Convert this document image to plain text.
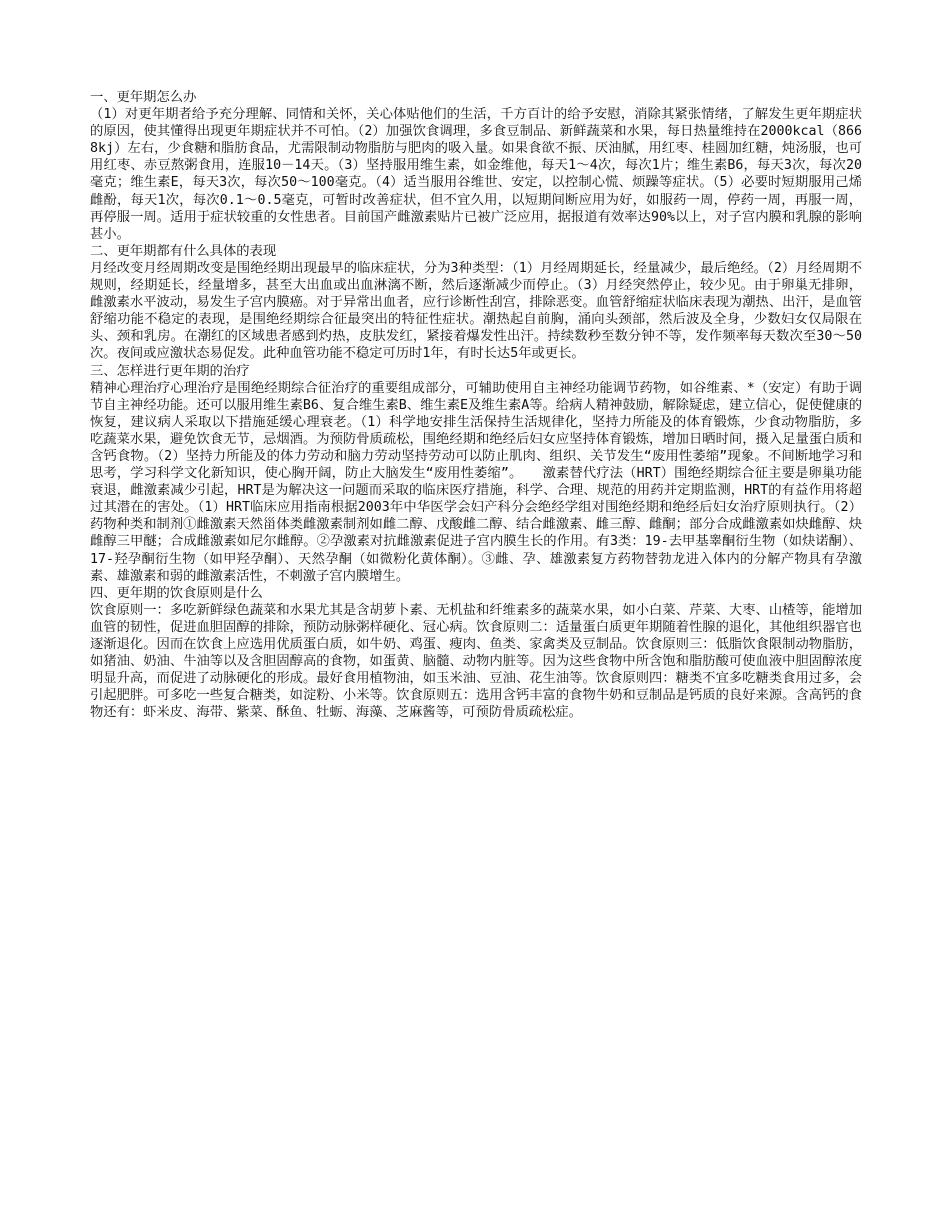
一、更年期怎么办

（1）对更年期者给予充分理解、同情和关怀，关心体贴他们的生活，千方百计的给予安慰，消除其紧张情绪，了解发生更年期症状的原因，使其懂得出现更年期症状并不可怕。（2）加强饮食调理，多食豆制品、新鲜蔬菜和水果，每日热量维持在2000kcal（8668kj）左右，少食糖和脂肪食品，尤需限制动物脂肪与肥肉的吸入量。如果食欲不振、厌油腻，用红枣、桂圆加红糖，炖汤服，也可用红枣、赤豆熬粥食用，连服10－14天。（3）坚持服用维生素，如金维他，每天1～4次，每次1片；维生素B6，每天3次，每次20毫克；维生素E，每天3次，每次50～100毫克。（4）适当服用谷维世、安定，以控制心慌、烦躁等症状。（5）必要时短期服用己烯雌酚，每天1次，每次0.1～0.5毫克，可暂时改善症状，但不宜久用，以短期间断应用为好，如服药一周，停药一周，再服一周，再停服一周。适用于症状较重的女性患者。目前国产雌激素贴片已被广泛应用，据报道有效率达90%以上，对子宫内膜和乳腺的影响甚小。

二、更年期都有什么具体的表现

月经改变月经周期改变是围绝经期出现最早的临床症状，分为3种类型：（1）月经周期延长，经量减少，最后绝经。（2）月经周期不规则，经期延长，经量增多，甚至大出血或出血淋漓不断，然后逐渐减少而停止。（3）月经突然停止，较少见。由于卵巢无排卵，雌激素水平波动，易发生子宫内膜癌。对于异常出血者，应行诊断性刮宫，排除恶变。血管舒缩症状临床表现为潮热、出汗，是血管舒缩功能不稳定的表现，是围绝经期综合征最突出的特征性症状。潮热起自前胸，涌向头颈部，然后波及全身，少数妇女仅局限在头、颈和乳房。在潮红的区域患者感到灼热，皮肤发红，紧接着爆发性出汗。持续数秒至数分钟不等，发作频率每天数次至30～50次。夜间或应激状态易促发。此种血管功能不稳定可历时1年，有时长达5年或更长。

三、怎样进行更年期的治疗

精神心理治疗心理治疗是围绝经期综合征治疗的重要组成部分，可辅助使用自主神经功能调节药物，如谷维素、*（安定）有助于调节自主神经功能。还可以服用维生素B6、复合维生素B、维生素E及维生素A等。给病人精神鼓励，解除疑虑，建立信心，促使健康的恢复，建议病人采取以下措施延缓心理衰老。（1）科学地安排生活保持生活规律化，坚持力所能及的体育锻炼，少食动物脂肪，多吃蔬菜水果，避免饮食无节，忌烟酒。为预防骨质疏松，围绝经期和绝经后妇女应坚持体育锻炼，增加日晒时间，摄入足量蛋白质和含钙食物。（2）坚持力所能及的体力劳动和脑力劳动坚持劳动可以防止肌肉、组织、关节发生“废用性萎缩”现象。不间断地学习和思考，学习科学文化新知识，使心胸开阔，防止大脑发生“废用性萎缩”。　　激素替代疗法（HRT）围绝经期综合征主要是卵巢功能衰退，雌激素减少引起，HRT是为解决这一问题而采取的临床医疗措施，科学、合理、规范的用药并定期监测，HRT的有益作用将超过其潜在的害处。（1）HRT临床应用指南根据2003年中华医学会妇产科分会绝经学组对围绝经期和绝经后妇女治疗原则执行。（2）药物种类和制剂①雌激素天然甾体类雌激素制剂如雌二醇、戊酸雌二醇、结合雌激素、雌三醇、雌酮；部分合成雌激素如炔雌醇、炔雌醇三甲醚；合成雌激素如尼尔雌醇。②孕激素对抗雌激素促进子宫内膜生长的作用。有3类：19-去甲基睾酮衍生物（如炔诺酮）、17-羟孕酮衍生物（如甲羟孕酮）、天然孕酮（如微粉化黄体酮）。③雌、孕、雄激素复方药物替勃龙进入体内的分解产物具有孕激素、雄激素和弱的雌激素活性，不刺激子宫内膜增生。

四、更年期的饮食原则是什么

饮食原则一：多吃新鲜绿色蔬菜和水果尤其是含胡萝卜素、无机盐和纤维素多的蔬菜水果，如小白菜、芹菜、大枣、山楂等，能增加血管的韧性，促进血胆固醇的排除，预防动脉粥样硬化、冠心病。饮食原则二：适量蛋白质更年期随着性腺的退化，其他组织器官也逐渐退化。因而在饮食上应选用优质蛋白质，如牛奶、鸡蛋、瘦肉、鱼类、家禽类及豆制品。饮食原则三：低脂饮食限制动物脂肪，如猪油、奶油、牛油等以及含胆固醇高的食物，如蛋黄、脑髓、动物内脏等。因为这些食物中所含饱和脂肪酸可使血液中胆固醇浓度明显升高，而促进了动脉硬化的形成。最好食用植物油，如玉米油、豆油、花生油等。饮食原则四：糖类不宜多吃糖类食用过多，会引起肥胖。可多吃一些复合糖类，如淀粉、小米等。饮食原则五：选用含钙丰富的食物牛奶和豆制品是钙质的良好来源。含高钙的食物还有：虾米皮、海带、紫菜、酥鱼、牡蛎、海藻、芝麻酱等，可预防骨质疏松症。
